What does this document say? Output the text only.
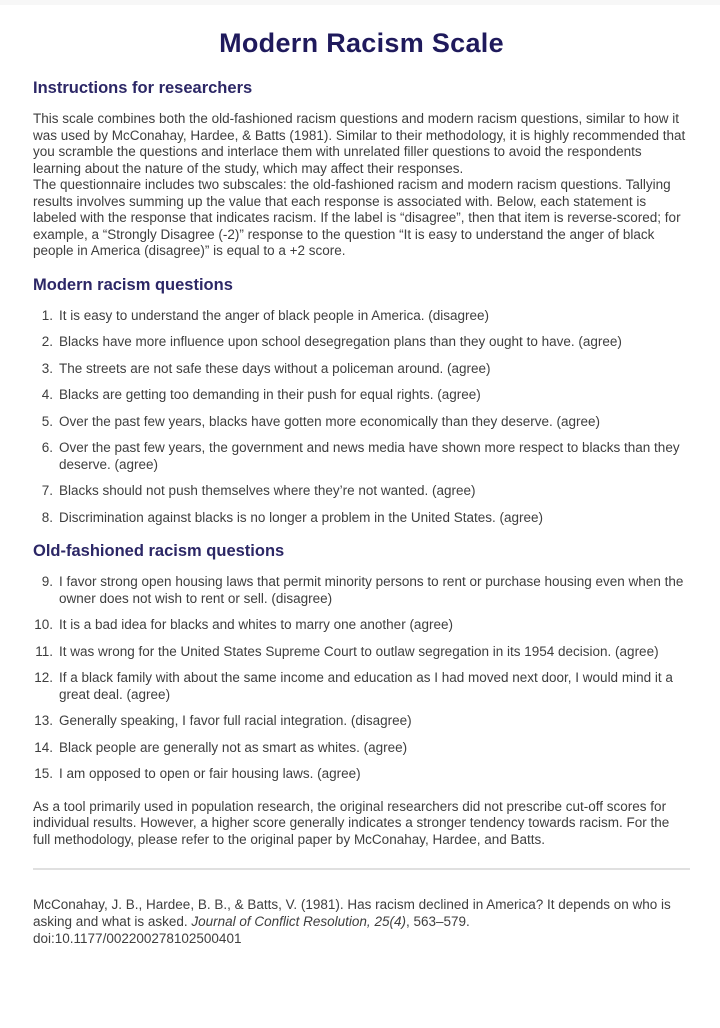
Modern Racism Scale
Instructions for researchers

This scale combines both the old-fashioned racism questions and modern racism questions, similar to how it was used by McConahay, Hardee, & Batts (1981). Similar to their methodology, it is highly recommended that you scramble the questions and interlace them with unrelated filler questions to avoid the respondents learning about the nature of the study, which may affect their responses.

The questionnaire includes two subscales: the old-fashioned racism and modern racism questions. Tallying results involves summing up the value that each response is associated with. Below, each statement is labeled with the response that indicates racism. If the label is “disagree”, then that item is reverse-scored; for example, a “Strongly Disagree (-2)” response to the question “It is easy to understand the anger of black people in America (disagree)” is equal to a +2 score.

Modern racism questions
1. It is easy to understand the anger of black people in America. (disagree)
2. Blacks have more influence upon school desegregation plans than they ought to have. (agree)
3. The streets are not safe these days without a policeman around. (agree)
4. Blacks are getting too demanding in their push for equal rights. (agree)
5. Over the past few years, blacks have gotten more economically than they deserve. (agree)
6. Over the past few years, the government and news media have shown more respect to blacks than they deserve. (agree)
7. Blacks should not push themselves where they’re not wanted. (agree)
8. Discrimination against blacks is no longer a problem in the United States. (agree)
Old-fashioned racism questions
9. I favor strong open housing laws that permit minority persons to rent or purchase housing even when the owner does not wish to rent or sell. (disagree)
10. It is a bad idea for blacks and whites to marry one another (agree)
11. It was wrong for the United States Supreme Court to outlaw segregation in its 1954 decision. (agree)
12. If a black family with about the same income and education as I had moved next door, I would mind it a great deal. (agree)
13. Generally speaking, I favor full racial integration. (disagree)
14. Black people are generally not as smart as whites. (agree)
15. I am opposed to open or fair housing laws. (agree)

As a tool primarily used in population research, the original researchers did not prescribe cut-off scores for individual results. However, a higher score generally indicates a stronger tendency towards racism. For the full methodology, please refer to the original paper by McConahay, Hardee, and Batts.

McConahay, J. B., Hardee, B. B., & Batts, V. (1981). Has racism declined in America? It depends on who is asking and what is asked. Journal of Conflict Resolution, 25(4), 563–579.
doi:10.1177/002200278102500401
